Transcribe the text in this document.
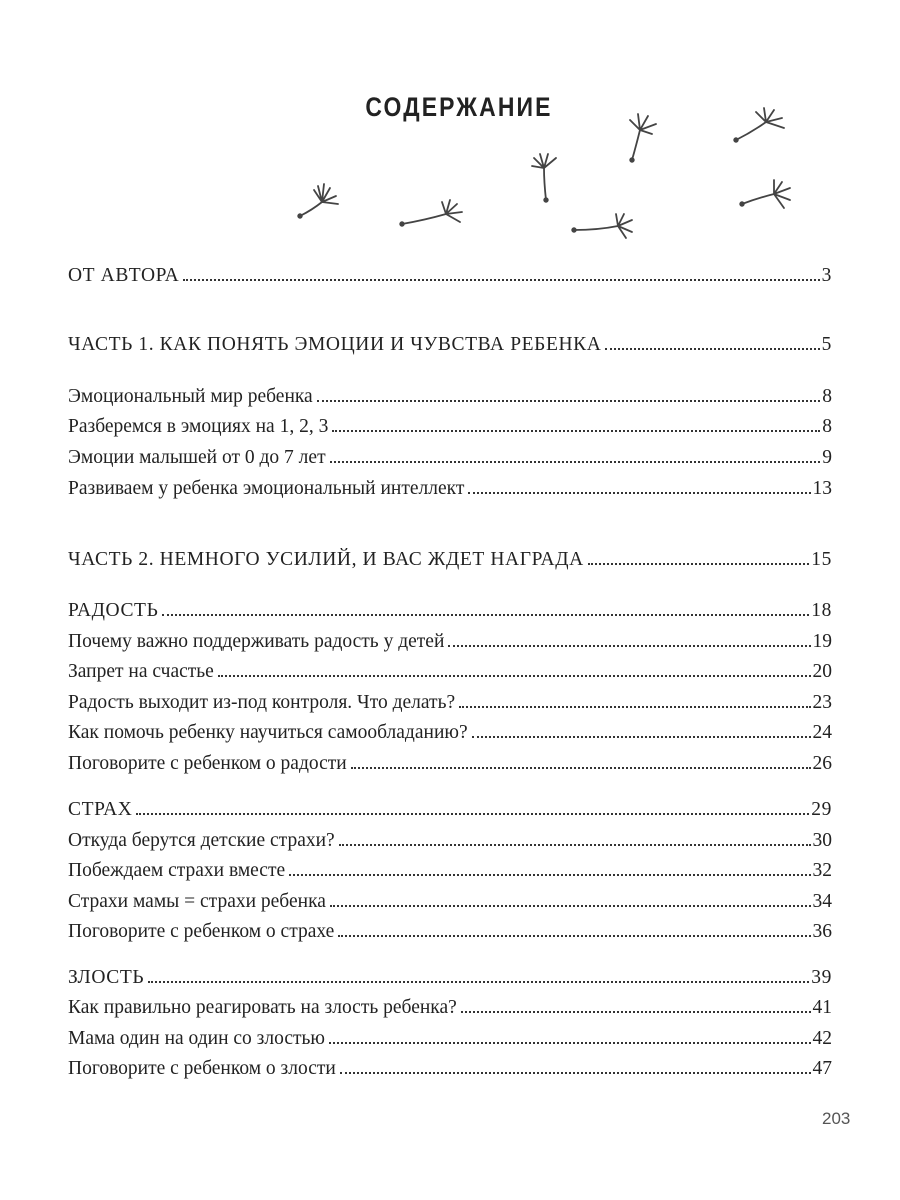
СОДЕРЖАНИЕ
ОТ АВТОРА	3
ЧАСТЬ 1. КАК ПОНЯТЬ ЭМОЦИИ И ЧУВСТВА РЕБЕНКА	5
Эмоциональный мир ребенка	8
Разберемся в эмоциях на 1, 2, 3	8
Эмоции малышей от 0 до 7 лет	9
Развиваем у ребенка эмоциональный интеллект	13
ЧАСТЬ 2. НЕМНОГО УСИЛИЙ, И ВАС ЖДЕТ НАГРАДА	15
РАДОСТЬ	18
Почему важно поддерживать радость у детей	19
Запрет на счастье	20
Радость выходит из-под контроля. Что делать?	23
Как помочь ребенку научиться самообладанию?	24
Поговорите с ребенком о радости	26
СТРАХ	29
Откуда берутся детские страхи?	30
Побеждаем страхи вместе	32
Страхи мамы = страхи ребенка	34
Поговорите с ребенком о страхе	36
ЗЛОСТЬ	39
Как правильно реагировать на злость ребенка?	41
Мама один на один со злостью	42
Поговорите с ребенком о злости	47
203
